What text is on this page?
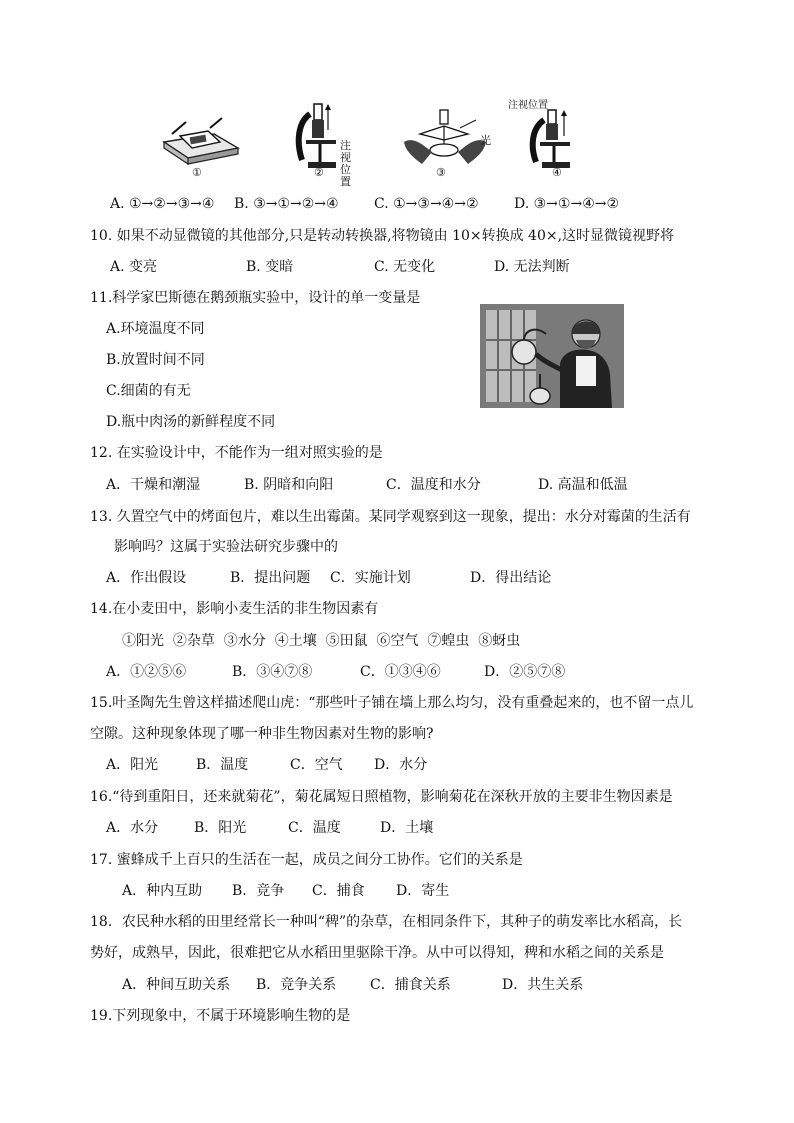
①
注视 位置
②
光
③
注视位置
④
A. ①→②→③→④ B. ③→①→②→④	C. ①→③→④→②	D. ③→①→④→②
10. 如果不动显微镜的其他部分,只是转动转换器,将物镜由 10×转换成 40×,这时显微镜视野将
A. 变亮	B. 变暗	C. 无变化	D. 无法判断
11.科学家巴斯德在鹅颈瓶实验中，设计的单一变量是
A.环境温度不同
B.放置时间不同
C.细菌的有无
D.瓶中肉汤的新鲜程度不同
12. 在实验设计中，不能作为一组对照实验的是
A．干燥和潮湿	B. 阴暗和向阳	C．温度和水分	D. 高温和低温
13. 久置空气中的烤面包片，难以生出霉菌。某同学观察到这一现象，提出：水分对霉菌的生活有
影响吗？这属于实验法研究步骤中的
A．作出假设	B．提出问题 C．实施计划	D．得出结论
14.在小麦田中，影响小麦生活的非生物因素有
①阳光  ②杂草  ③水分  ④土壤  ⑤田鼠  ⑥空气  ⑦蝗虫  ⑧蚜虫
A．①②⑤⑥	B．③④⑦⑧	C．①③④⑥	D．②⑤⑦⑧
15.叶圣陶先生曾这样描述爬山虎：“那些叶子铺在墙上那么均匀，没有重叠起来的，也不留一点儿
空隙。这种现象体现了哪一种非生物因素对生物的影响?
A．阳光	B．温度	C．空气 D．水分
16.“待到重阳日，还来就菊花”，菊花属短日照植物，影响菊花在深秋开放的主要非生物因素是
A．水分	B．阳光	C．温度	D．土壤
17. 蜜蜂成千上百只的生活在一起，成员之间分工协作。它们的关系是
A．种内互助 B．竞争 C．捕食 D．寄生
18．农民种水稻的田里经常长一种叫“稗”的杂草，在相同条件下，其种子的萌发率比水稻高，长
势好，成熟早，因此，很难把它从水稻田里驱除干净。从中可以得知，稗和水稻之间的关系是
A．种间互助关系 B．竞争关系 C．捕食关系	D．共生关系
19.下列现象中，不属于环境影响生物的是
